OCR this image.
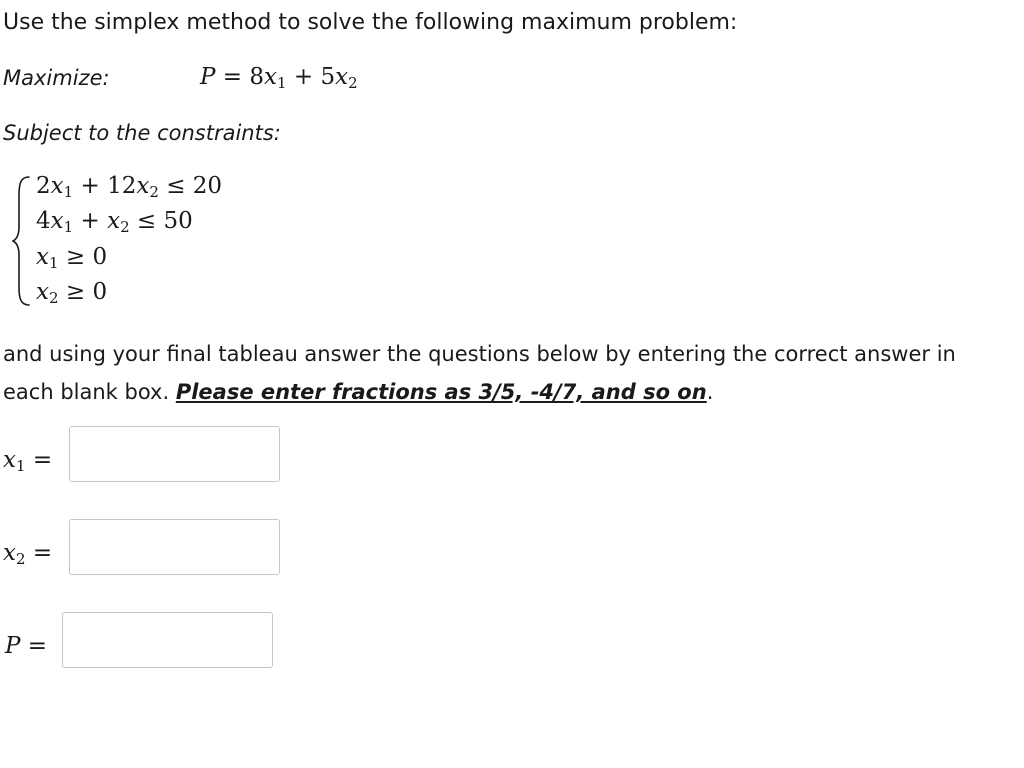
Use the simplex method to solve the following maximum problem:
Maximize:	$P = 8x_1 + 5x_2$
Subject to the constraints:
$2x_1 + 12x_2 \le 20$
$4x_1 + x_2 \le 50$
$x_1 \ge 0$
$x_2 \ge 0$
and using your final tableau answer the questions below by entering the correct answer in
each blank box. Please enter fractions as 3/5, -4/7, and so on.
$x_1$ =
$x_2$ =
P =
